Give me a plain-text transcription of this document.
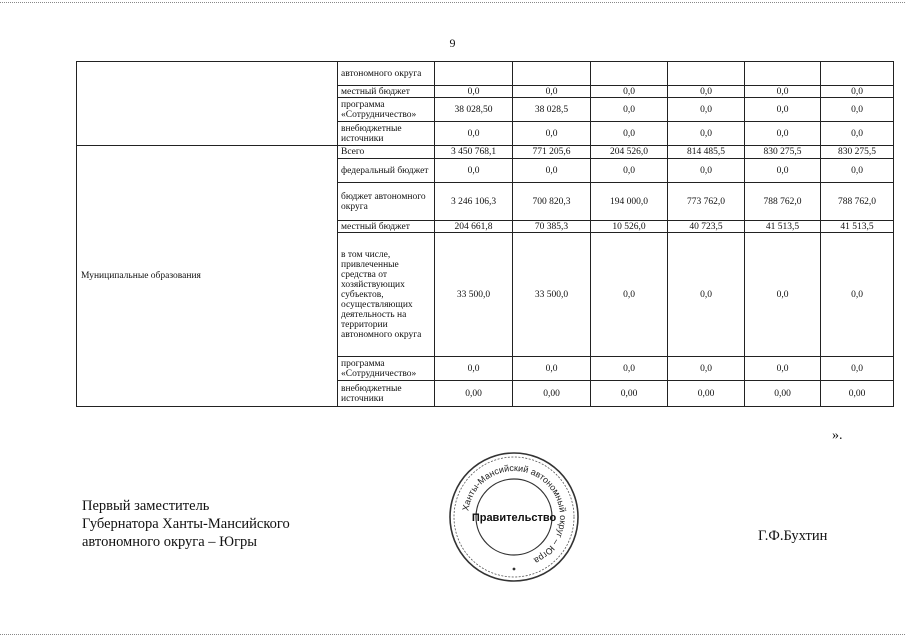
9
	автономного округа						
	местный бюджет	0,0	0,0	0,0	0,0	0,0	0,0
	программа «Сотрудничество»	38 028,50	38 028,5	0,0	0,0	0,0	0,0
	внебюджетные источники	0,0	0,0	0,0	0,0	0,0	0,0
Муниципальные образования	Всего	3 450 768,1	771 205,6	204 526,0	814 485,5	830 275,5	830 275,5
	федеральный бюджет	0,0	0,0	0,0	0,0	0,0	0,0
	бюджет автономного округа	3 246 106,3	700 820,3	194 000,0	773 762,0	788 762,0	788 762,0
	местный бюджет	204 661,8	70 385,3	10 526,0	40 723,5	41 513,5	41 513,5
	в том числе, привлеченные средства от хозяйствующих субъектов, осуществляющих деятельность на территории автономного округа	33 500,0	33 500,0	0,0	0,0	0,0	0,0
	программа «Сотрудничество»	0,0	0,0	0,0	0,0	0,0	0,0
	внебюджетные источники	0,00	0,00	0,00	0,00	0,00	0,00
».
Первый заместитель
Губернатора Ханты-Мансийского
автономного округа – Югры
Ханты-Мансийский автономный округ – Югра
Правительство
Г.Ф.Бухтин
